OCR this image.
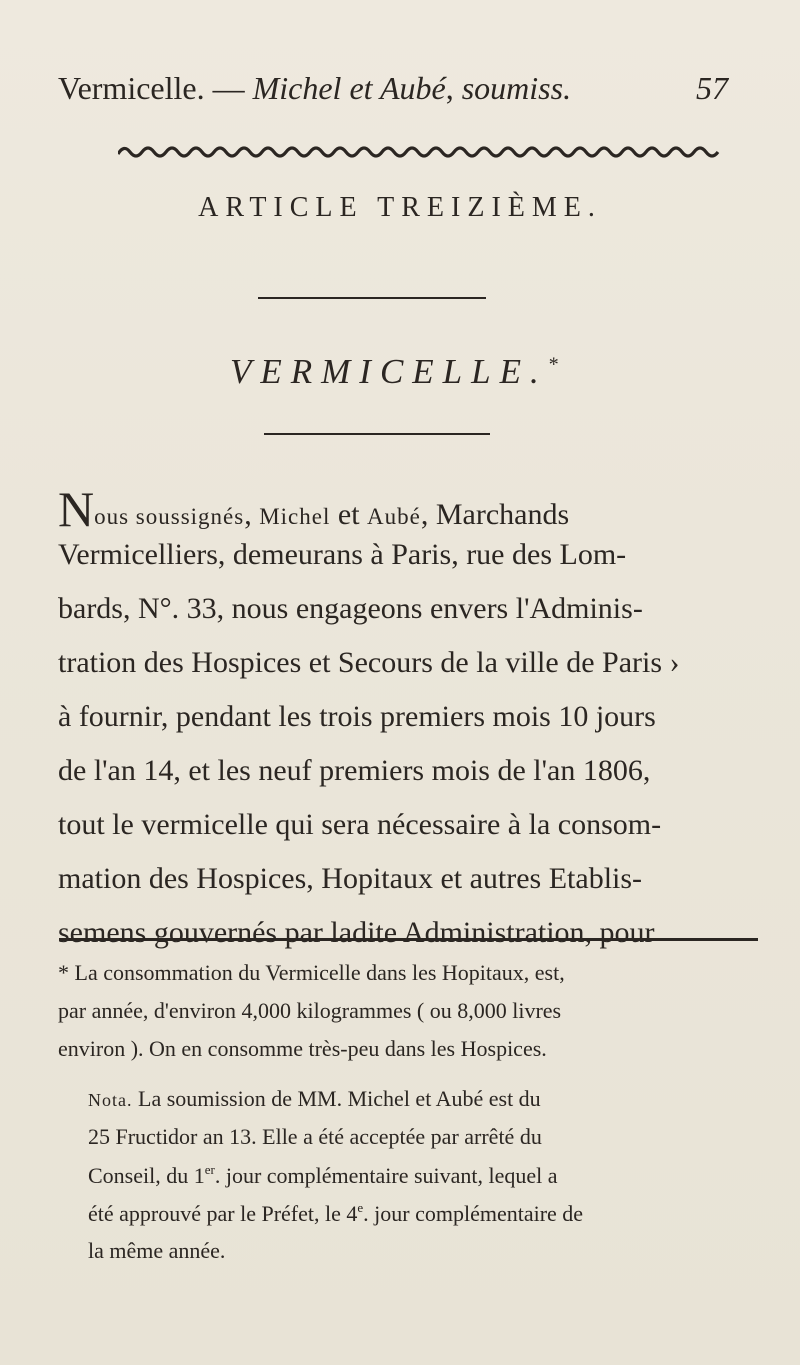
Vermicelle. — Michel et Aubé, soumiss.	57
ARTICLE TREIZIÈME.
VERMICELLE.*
Nous soussignés, Michel et Aubé, Marchands
Vermicelliers, demeurans à Paris, rue des Lom-
bards, N°. 33, nous engageons envers l'Adminis-
tration des Hospices et Secours de la ville de Paris ›
à fournir, pendant les trois premiers mois 10 jours
de l'an 14, et les neuf premiers mois de l'an 1806,
tout le vermicelle qui sera nécessaire à la consom-
mation des Hospices, Hopitaux et autres Etablis-
semens gouvernés par ladite Administration, pour
* La consommation du Vermicelle dans les Hopitaux, est,
par année, d'environ 4,000 kilogrammes ( ou 8,000 livres
environ ). On en consomme très-peu dans les Hospices.
Nota. La soumission de MM. Michel et Aubé est du
25 Fructidor an 13. Elle a été acceptée par arrêté du
Conseil, du 1er. jour complémentaire suivant, lequel a
été approuvé par le Préfet, le 4e. jour complémentaire de
la même année.
